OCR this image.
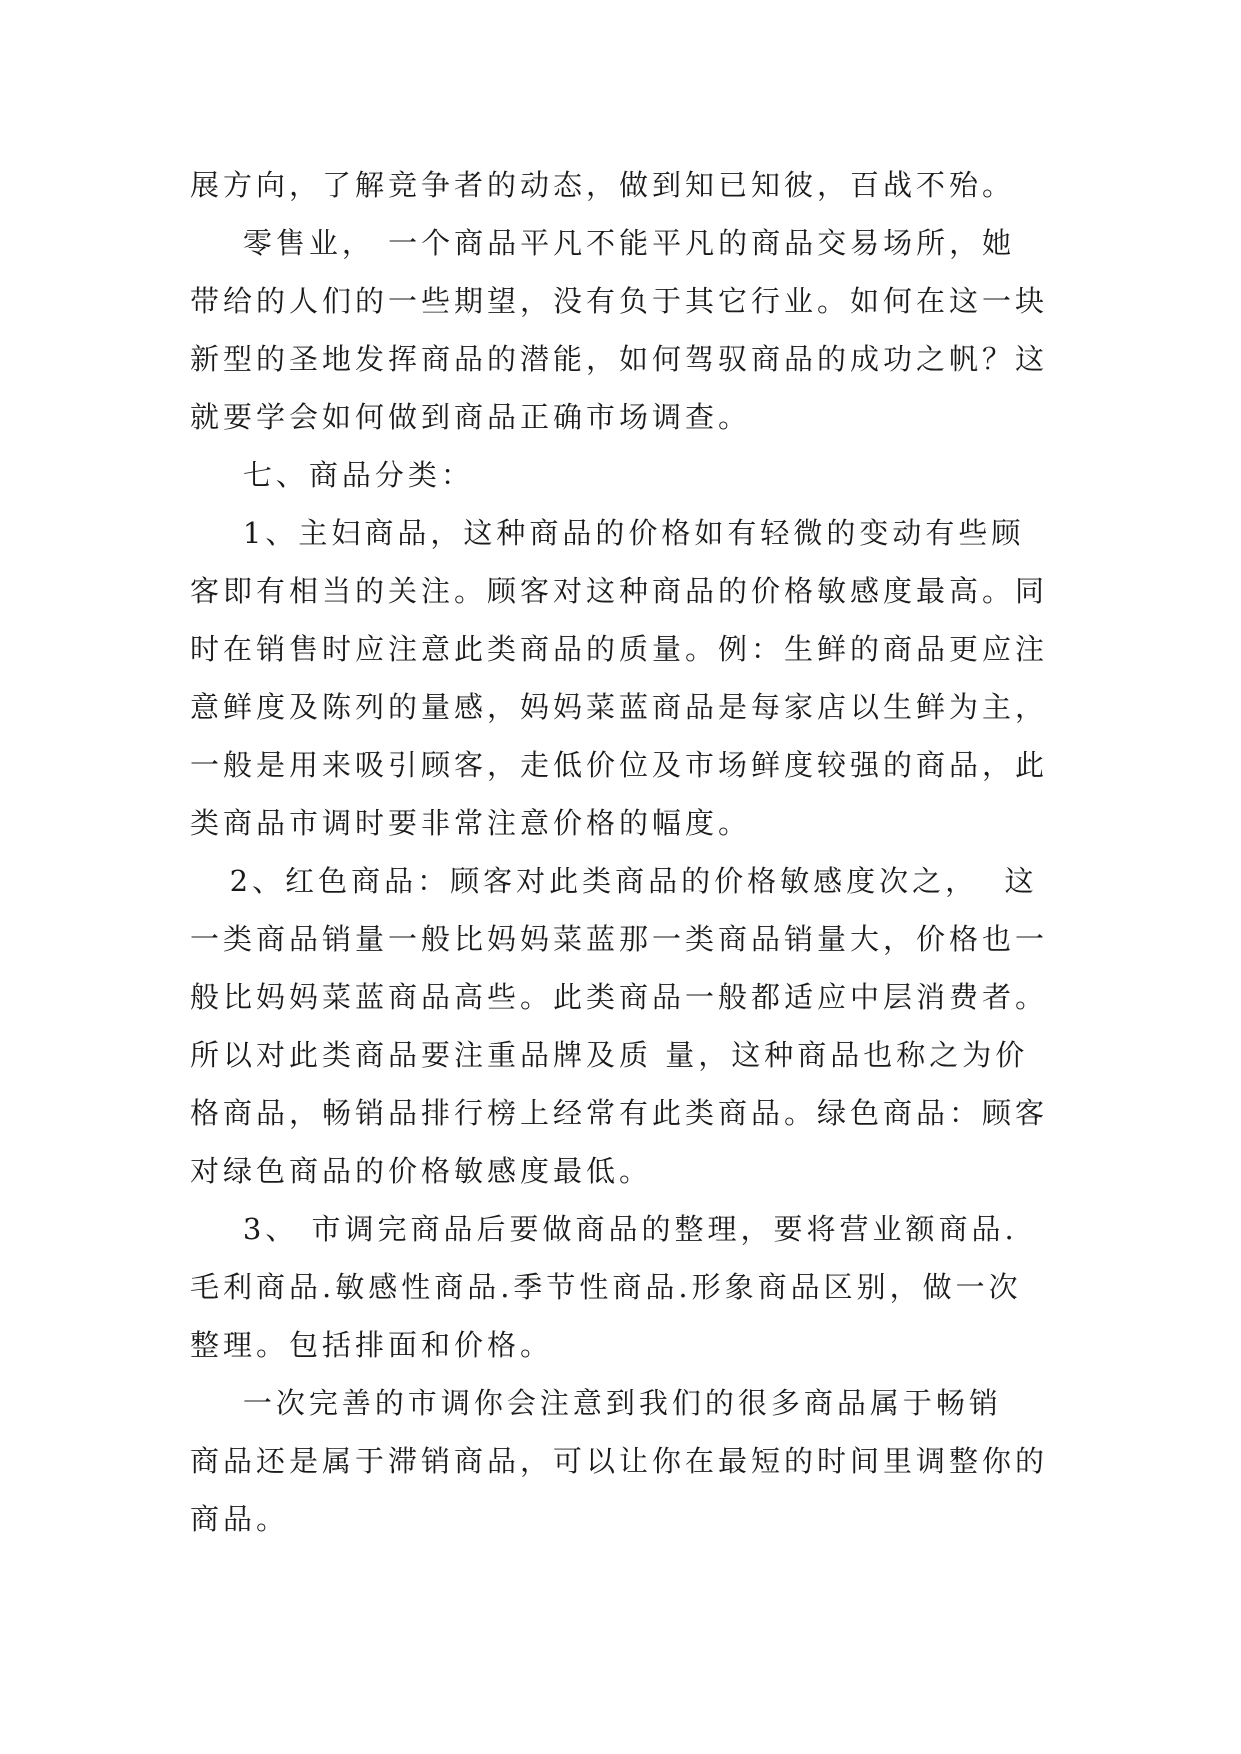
展方向，了解竞争者的动态，做到知已知彼，百战不殆。
零售业， 一个商品平凡不能平凡的商品交易场所，她
带给的人们的一些期望，没有负于其它行业。如何在这一块
新型的圣地发挥商品的潜能，如何驾驭商品的成功之帆？这
就要学会如何做到商品正确市场调查。
七、商品分类：
1、主妇商品，这种商品的价格如有轻微的变动有些顾
客即有相当的关注。顾客对这种商品的价格敏感度最高。同
时在销售时应注意此类商品的质量。例：生鲜的商品更应注
意鲜度及陈列的量感，妈妈菜蓝商品是每家店以生鲜为主，
一般是用来吸引顾客，走低价位及市场鲜度较强的商品，此
类商品市调时要非常注意价格的幅度。
2、红色商品：顾客对此类商品的价格敏感度次之，  这
一类商品销量一般比妈妈菜蓝那一类商品销量大，价格也一
般比妈妈菜蓝商品高些。此类商品一般都适应中层消费者。
所以对此类商品要注重品牌及质 量，这种商品也称之为价
格商品，畅销品排行榜上经常有此类商品。绿色商品：顾客
对绿色商品的价格敏感度最低。
3、 市调完商品后要做商品的整理，要将营业额商品.
毛利商品.敏感性商品.季节性商品.形象商品区别，做一次
整理。包括排面和价格。
一次完善的市调你会注意到我们的很多商品属于畅销
商品还是属于滞销商品，可以让你在最短的时间里调整你的
商品。
